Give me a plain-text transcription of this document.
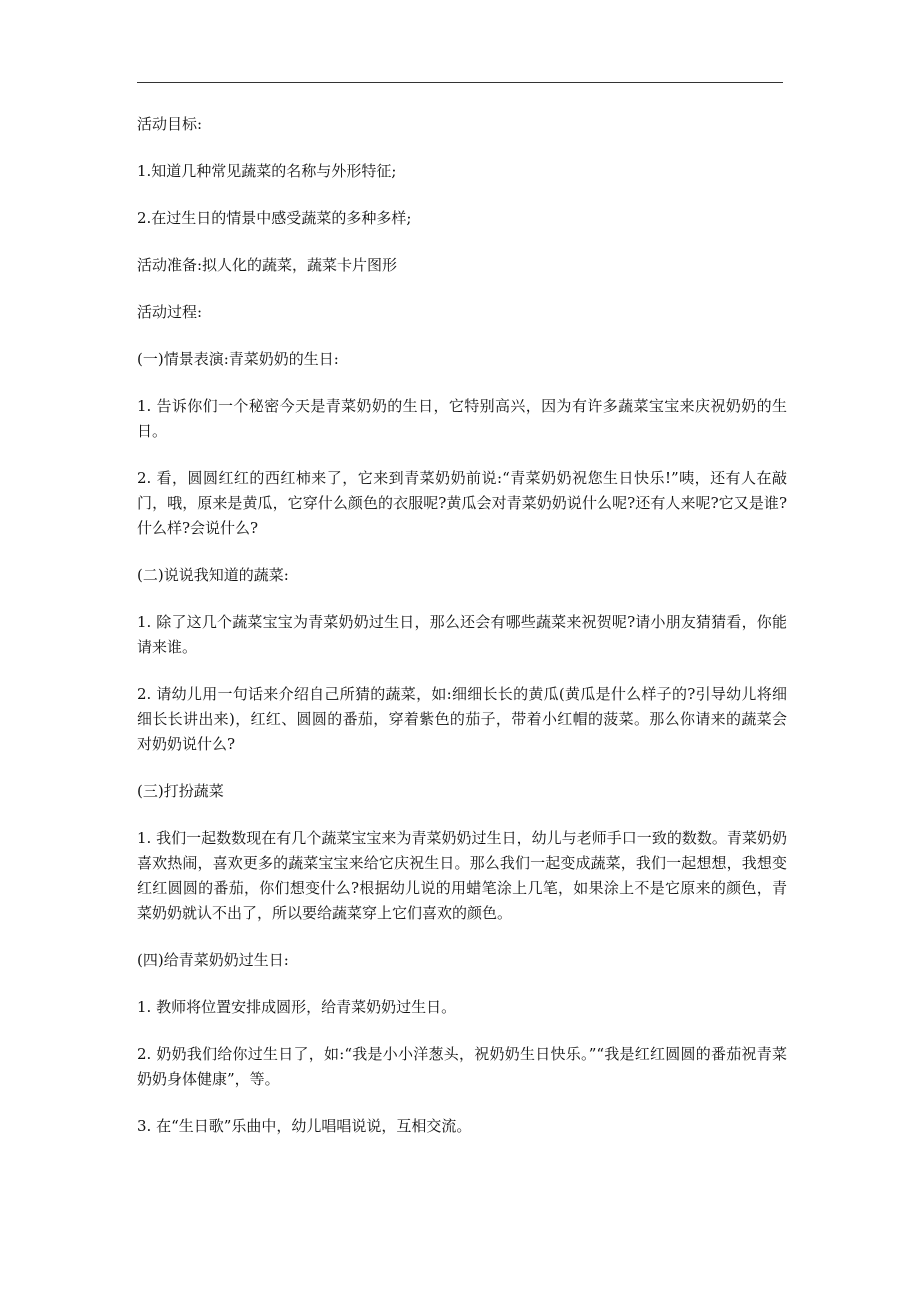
活动目标:

1.知道几种常见蔬菜的名称与外形特征;

2.在过生日的情景中感受蔬菜的多种多样;

活动准备:拟人化的蔬菜，蔬菜卡片图形

活动过程:

(一)情景表演:青菜奶奶的生日:

1. 告诉你们一个秘密今天是青菜奶奶的生日，它特别高兴，因为有许多蔬菜宝宝来庆祝奶奶的生日。

2. 看，圆圆红红的西红柿来了，它来到青菜奶奶前说:“青菜奶奶祝您生日快乐!”咦，还有人在敲门，哦，原来是黄瓜，它穿什么颜色的衣服呢?黄瓜会对青菜奶奶说什么呢?还有人来呢?它又是谁?什么样?会说什么?

(二)说说我知道的蔬菜:

1. 除了这几个蔬菜宝宝为青菜奶奶过生日，那么还会有哪些蔬菜来祝贺呢?请小朋友猜猜看，你能请来谁。

2. 请幼儿用一句话来介绍自己所猜的蔬菜，如:细细长长的黄瓜(黄瓜是什么样子的?引导幼儿将细细长长讲出来)，红红、圆圆的番茄，穿着紫色的茄子，带着小红帽的菠菜。那么你请来的蔬菜会对奶奶说什么?

(三)打扮蔬菜

1. 我们一起数数现在有几个蔬菜宝宝来为青菜奶奶过生日，幼儿与老师手口一致的数数。青菜奶奶喜欢热闹，喜欢更多的蔬菜宝宝来给它庆祝生日。那么我们一起变成蔬菜，我们一起想想，我想变 红红圆圆的番茄，你们想变什么?根据幼儿说的用蜡笔涂上几笔，如果涂上不是它原来的颜色，青菜奶奶就认不出了，所以要给蔬菜穿上它们喜欢的颜色。

(四)给青菜奶奶过生日:

1. 教师将位置安排成圆形，给青菜奶奶过生日。

2. 奶奶我们给你过生日了，如:“我是小小洋葱头，祝奶奶生日快乐。”“我是红红圆圆的番茄祝青菜奶奶身体健康”，等。

3. 在“生日歌”乐曲中，幼儿唱唱说说，互相交流。
